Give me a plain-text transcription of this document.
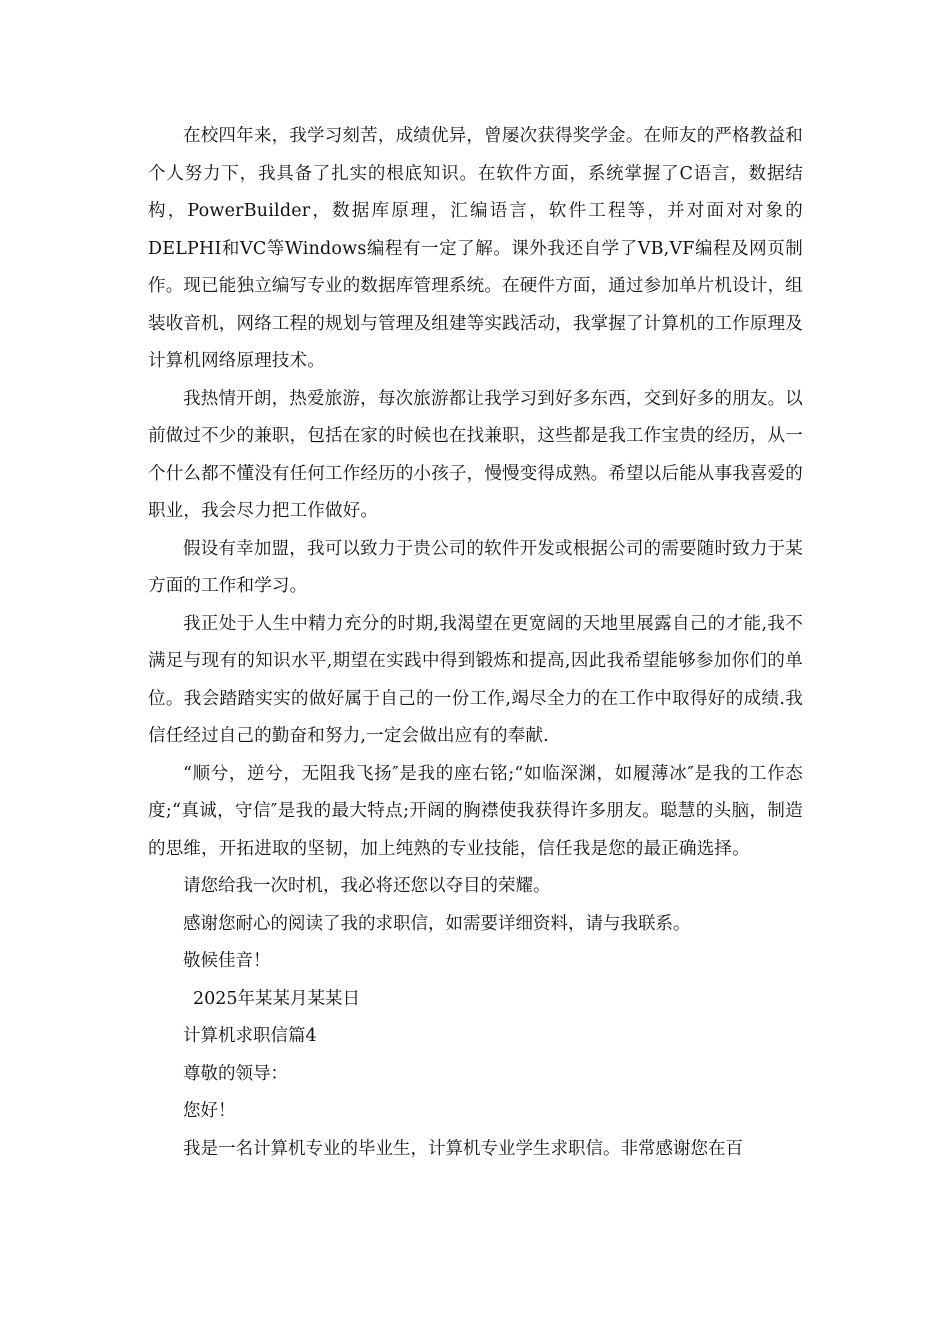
在校四年来，我学习刻苦，成绩优异，曾屡次获得奖学金。在师友的严格教益和个人努力下，我具备了扎实的根底知识。在软件方面，系统掌握了C语言，数据结构，PowerBuilder，数据库原理，汇编语言，软件工程等，并对面对对象的DELPHI和VC等Windows编程有一定了解。课外我还自学了VB,VF编程及网页制作。现已能独立编写专业的数据库管理系统。在硬件方面，通过参加单片机设计，组装收音机，网络工程的规划与管理及组建等实践活动，我掌握了计算机的工作原理及计算机网络原理技术。

我热情开朗，热爱旅游，每次旅游都让我学习到好多东西，交到好多的朋友。以前做过不少的兼职，包括在家的时候也在找兼职，这些都是我工作宝贵的经历，从一个什么都不懂没有任何工作经历的小孩子，慢慢变得成熟。希望以后能从事我喜爱的职业，我会尽力把工作做好。

假设有幸加盟，我可以致力于贵公司的软件开发或根据公司的需要随时致力于某方面的工作和学习。

我正处于人生中精力充分的时期,我渴望在更宽阔的天地里展露自己的才能,我不满足与现有的知识水平,期望在实践中得到锻炼和提高,因此我希望能够参加你们的单位。我会踏踏实实的做好属于自己的一份工作,竭尽全力的在工作中取得好的成绩.我信任经过自己的勤奋和努力,一定会做出应有的奉献.

“顺兮，逆兮，无阻我飞扬″是我的座右铭;“如临深渊，如履薄冰″是我的工作态度;“真诚，守信″是我的最大特点;开阔的胸襟使我获得许多朋友。聪慧的头脑，制造的思维，开拓进取的坚韧，加上纯熟的专业技能，信任我是您的最正确选择。

请您给我一次时机，我必将还您以夺目的荣耀。

感谢您耐心的阅读了我的求职信，如需要详细资料，请与我联系。

敬候佳音！

2025年某某月某某日

计算机求职信篇4

尊敬的领导：

您好！

我是一名计算机专业的毕业生，计算机专业学生求职信。非常感谢您在百
